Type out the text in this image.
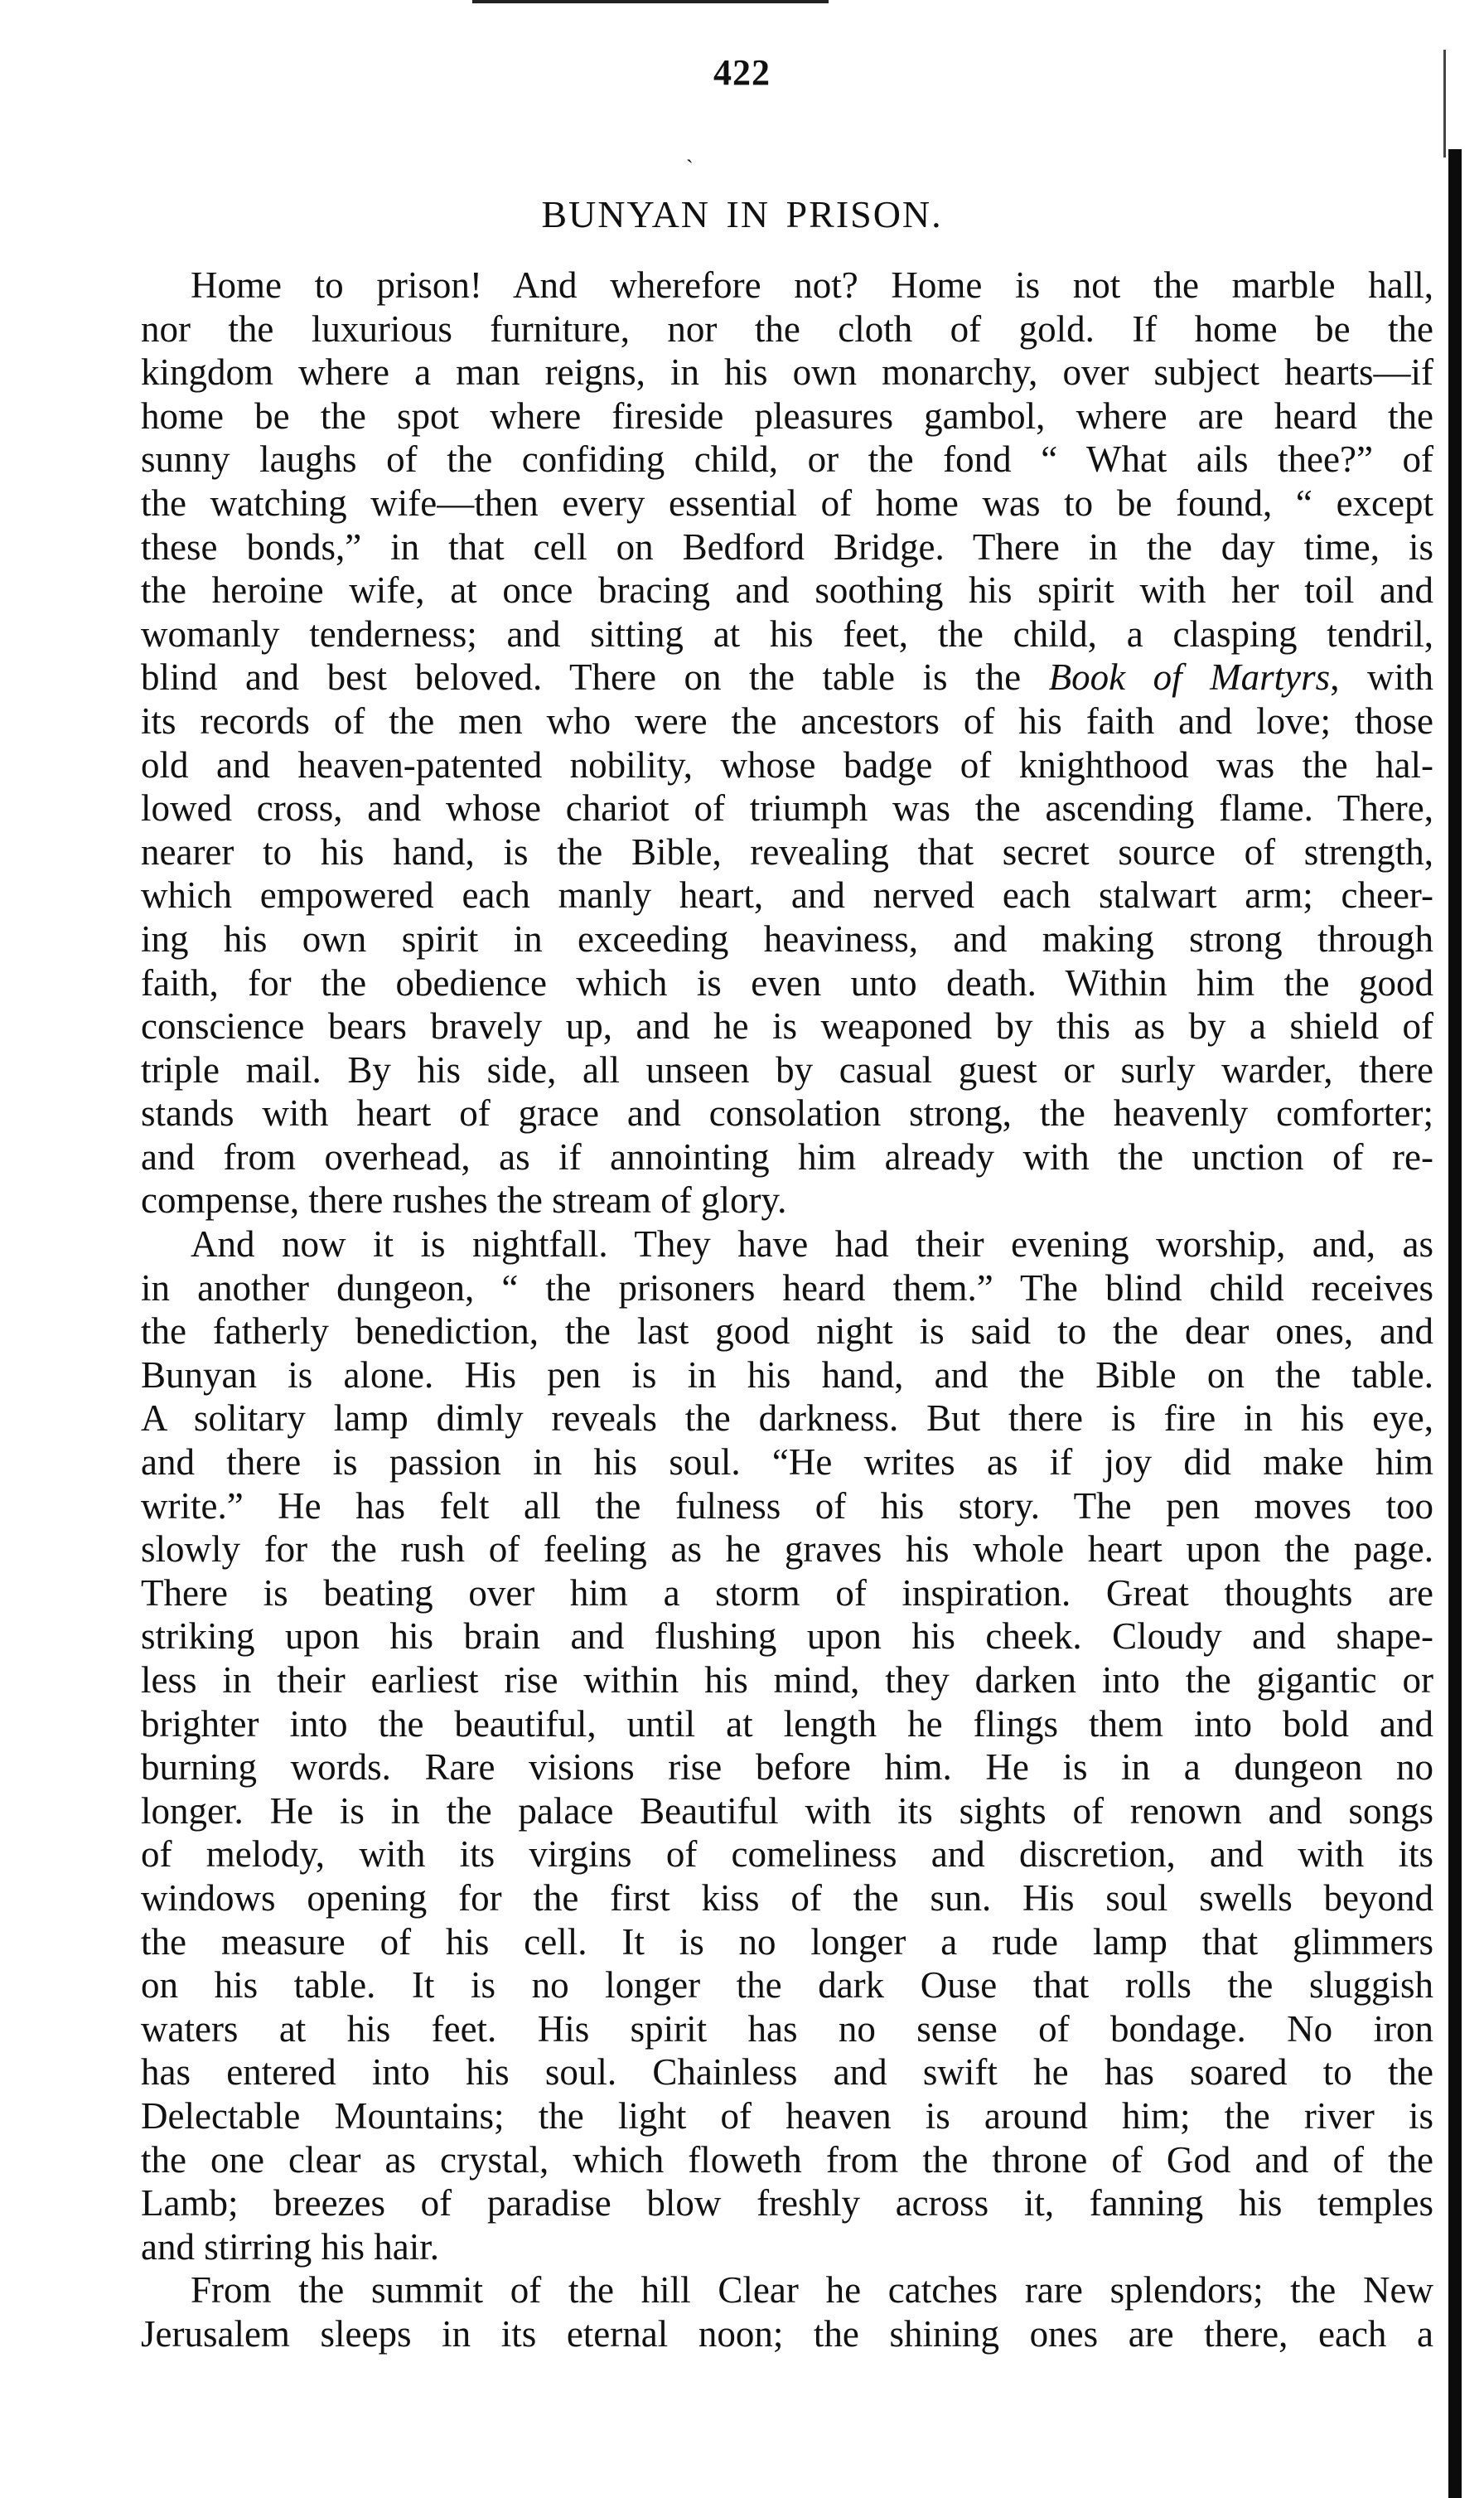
422
`
BUNYAN IN PRISON.
Home to prison! And wherefore not? Home is not the marble hall,
nor the luxurious furniture, nor the cloth of gold. If home be the
kingdom where a man reigns, in his own monarchy, over subject hearts—if
home be the spot where fireside pleasures gambol, where are heard the
sunny laughs of the confiding child, or the fond “ What ails thee?” of
the watching wife—then every essential of home was to be found, “ except
these bonds,” in that cell on Bedford Bridge. There in the day time, is
the heroine wife, at once bracing and soothing his spirit with her toil and
womanly tenderness; and sitting at his feet, the child, a clasping tendril,
blind and best beloved. There on the table is the Book of Martyrs, with
its records of the men who were the ancestors of his faith and love; those
old and heaven-patented nobility, whose badge of knighthood was the hal-
lowed cross, and whose chariot of triumph was the ascending flame. There,
nearer to his hand, is the Bible, revealing that secret source of strength,
which empowered each manly heart, and nerved each stalwart arm; cheer-
ing his own spirit in exceeding heaviness, and making strong through
faith, for the obedience which is even unto death. Within him the good
conscience bears bravely up, and he is weaponed by this as by a shield of
triple mail. By his side, all unseen by casual guest or surly warder, there
stands with heart of grace and consolation strong, the heavenly comforter;
and from overhead, as if annointing him already with the unction of re-
compense, there rushes the stream of glory.
And now it is nightfall. They have had their evening worship, and, as
in another dungeon, “ the prisoners heard them.” The blind child receives
the fatherly benediction, the last good night is said to the dear ones, and
Bunyan is alone. His pen is in his hand, and the Bible on the table.
A solitary lamp dimly reveals the darkness. But there is fire in his eye,
and there is passion in his soul. “He writes as if joy did make him
write.” He has felt all the fulness of his story. The pen moves too
slowly for the rush of feeling as he graves his whole heart upon the page.
There is beating over him a storm of inspiration. Great thoughts are
striking upon his brain and flushing upon his cheek. Cloudy and shape-
less in their earliest rise within his mind, they darken into the gigantic or
brighter into the beautiful, until at length he flings them into bold and
burning words. Rare visions rise before him. He is in a dungeon no
longer. He is in the palace Beautiful with its sights of renown and songs
of melody, with its virgins of comeliness and discretion, and with its
windows opening for the first kiss of the sun. His soul swells beyond
the measure of his cell. It is no longer a rude lamp that glimmers
on his table. It is no longer the dark Ouse that rolls the sluggish
waters at his feet. His spirit has no sense of bondage. No iron
has entered into his soul. Chainless and swift he has soared to the
Delectable Mountains; the light of heaven is around him; the river is
the one clear as crystal, which floweth from the throne of God and of the
Lamb; breezes of paradise blow freshly across it, fanning his temples
and stirring his hair.
From the summit of the hill Clear he catches rare splendors; the New
Jerusalem sleeps in its eternal noon; the shining ones are there, each a
